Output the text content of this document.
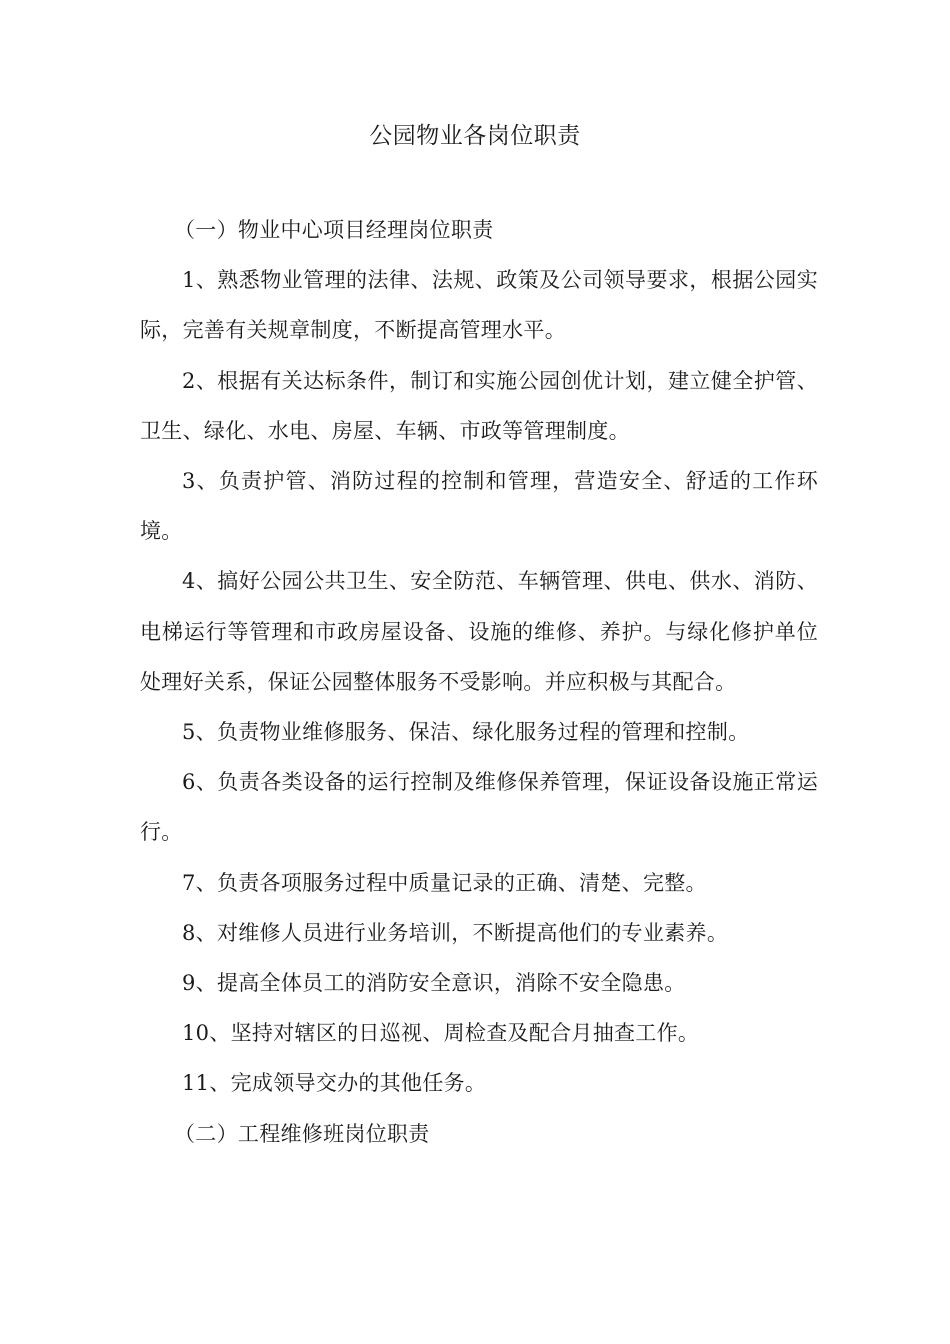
公园物业各岗位职责

（一）物业中心项目经理岗位职责

1、熟悉物业管理的法律、法规、政策及公司领导要求，根据公园实际，完善有关规章制度，不断提高管理水平。

2、根据有关达标条件，制订和实施公园创优计划，建立健全护管、卫生、绿化、水电、房屋、车辆、市政等管理制度。

3、负责护管、消防过程的控制和管理，营造安全、舒适的工作环境。

4、搞好公园公共卫生、安全防范、车辆管理、供电、供水、消防、电梯运行等管理和市政房屋设备、设施的维修、养护。与绿化修护单位处理好关系，保证公园整体服务不受影响。并应积极与其配合。

5、负责物业维修服务、保洁、绿化服务过程的管理和控制。

6、负责各类设备的运行控制及维修保养管理，保证设备设施正常运行。

7、负责各项服务过程中质量记录的正确、清楚、完整。

8、对维修人员进行业务培训，不断提高他们的专业素养。

9、提高全体员工的消防安全意识，消除不安全隐患。

10、坚持对辖区的日巡视、周检查及配合月抽查工作。

11、完成领导交办的其他任务。

（二）工程维修班岗位职责
